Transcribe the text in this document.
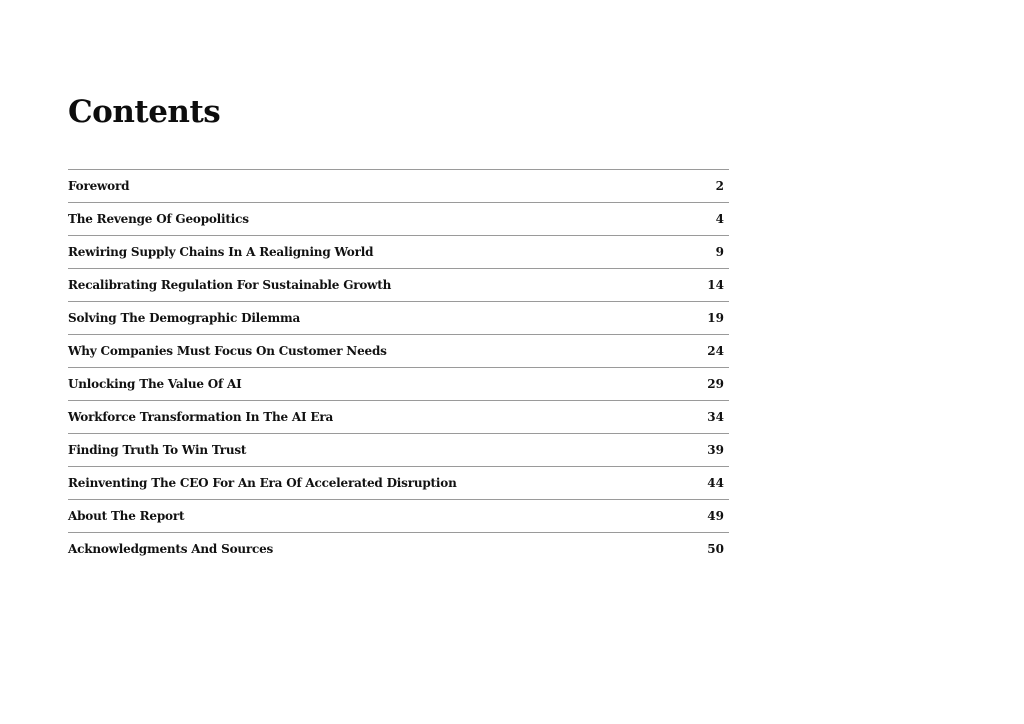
Contents
Foreword	2
The Revenge Of Geopolitics	4
Rewiring Supply Chains In A Realigning World	9
Recalibrating Regulation For Sustainable Growth	14
Solving The Demographic Dilemma	19
Why Companies Must Focus On Customer Needs	24
Unlocking The Value Of AI	29
Workforce Transformation In The AI Era	34
Finding Truth To Win Trust	39
Reinventing The CEO For An Era Of Accelerated Disruption	44
About The Report	49
Acknowledgments And Sources	50
